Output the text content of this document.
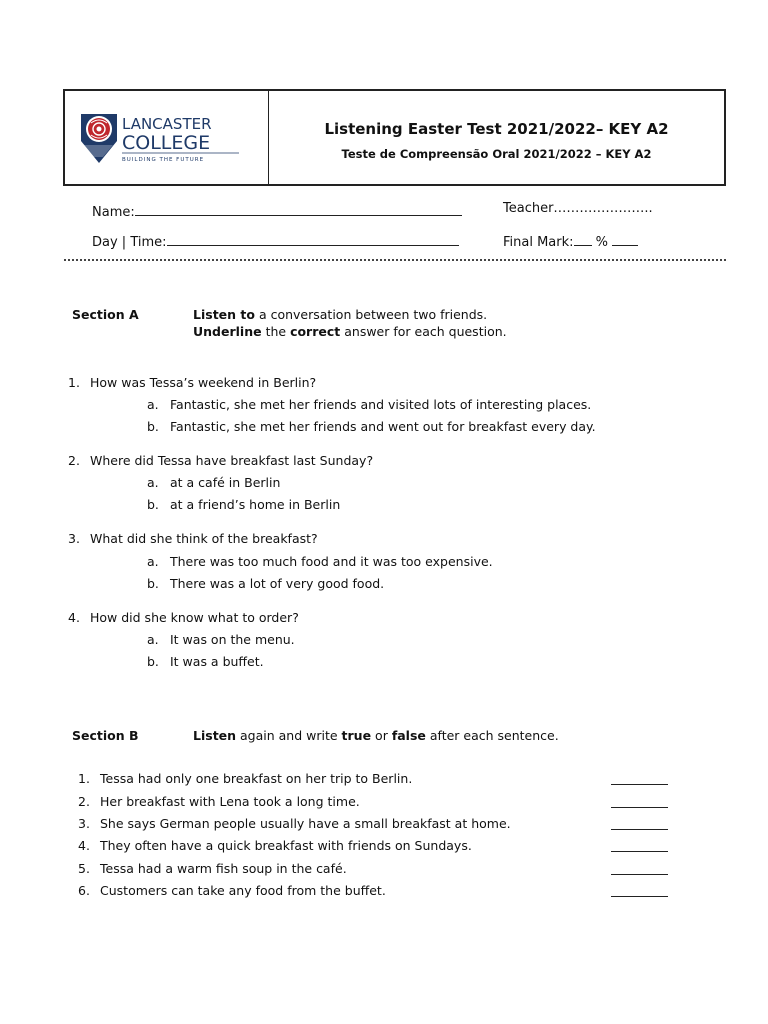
LANCASTER
COLLEGE
BUILDING THE FUTURE
Listening Easter Test 2021/2022– KEY A2
Teste de Compreensão Oral 2021/2022 – KEY A2
Name:	Teacher…………………..
Day | Time:	Final Mark: %
Section A	Listen to a conversation between two friends.
Underline the correct answer for each question.
1. How was Tessa’s weekend in Berlin?
a. Fantastic, she met her friends and visited lots of interesting places.
b. Fantastic, she met her friends and went out for breakfast every day.
2. Where did Tessa have breakfast last Sunday?
a. at a café in Berlin
b. at a friend’s home in Berlin
3. What did she think of the breakfast?
a. There was too much food and it was too expensive.
b. There was a lot of very good food.
4. How did she know what to order?
a. It was on the menu.
b. It was a buffet.
Section B	Listen again and write true or false after each sentence.
1. Tessa had only one breakfast on her trip to Berlin.
2. Her breakfast with Lena took a long time.
3. She says German people usually have a small breakfast at home.
4. They often have a quick breakfast with friends on Sundays.
5. Tessa had a warm fish soup in the café.
6. Customers can take any food from the buffet.
